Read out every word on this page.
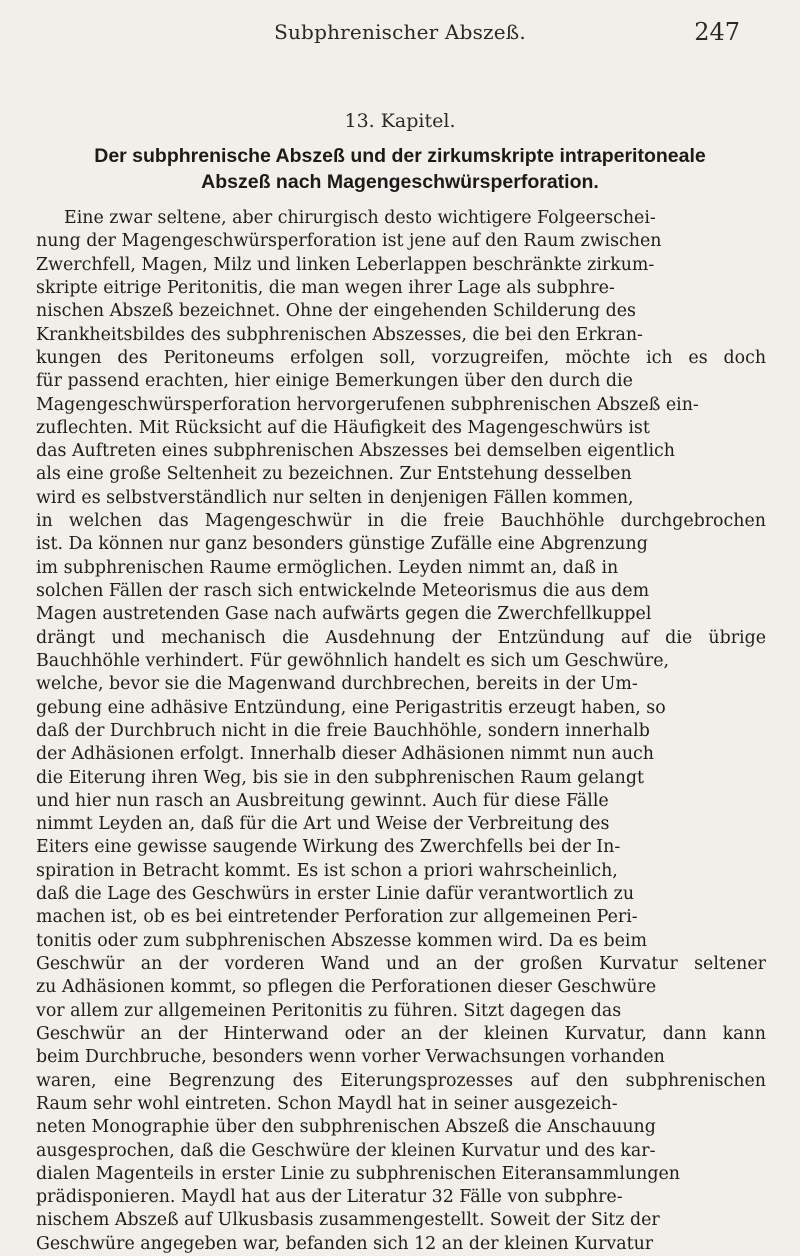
Subphrenischer Abszeß.	247
13. Kapitel.
Der subphrenische Abszeß und der zirkumskripte intraperitoneale
Abszeß nach Magengeschwürsperforation.
Eine zwar seltene, aber chirurgisch desto wichtigere Folgeerschei-
nung der Magengeschwürsperforation ist jene auf den Raum zwischen
Zwerchfell, Magen, Milz und linken Leberlappen beschränkte zirkum-
skripte eitrige Peritonitis, die man wegen ihrer Lage als subphre-
nischen Abszeß bezeichnet. Ohne der eingehenden Schilderung des
Krankheitsbildes des subphrenischen Abszesses, die bei den Erkran-
kungen des Peritoneums erfolgen soll, vorzugreifen, möchte ich es doch
für passend erachten, hier einige Bemerkungen über den durch die
Magengeschwürsperforation hervorgerufenen subphrenischen Abszeß ein-
zuflechten. Mit Rücksicht auf die Häufigkeit des Magengeschwürs ist
das Auftreten eines subphrenischen Abszesses bei demselben eigentlich
als eine große Seltenheit zu bezeichnen. Zur Entstehung desselben
wird es selbstverständlich nur selten in denjenigen Fällen kommen,
in welchen das Magengeschwür in die freie Bauchhöhle durchgebrochen
ist. Da können nur ganz besonders günstige Zufälle eine Abgrenzung
im subphrenischen Raume ermöglichen. Leyden nimmt an, daß in
solchen Fällen der rasch sich entwickelnde Meteorismus die aus dem
Magen austretenden Gase nach aufwärts gegen die Zwerchfellkuppel
drängt und mechanisch die Ausdehnung der Entzündung auf die übrige
Bauchhöhle verhindert. Für gewöhnlich handelt es sich um Geschwüre,
welche, bevor sie die Magenwand durchbrechen, bereits in der Um-
gebung eine adhäsive Entzündung, eine Perigastritis erzeugt haben, so
daß der Durchbruch nicht in die freie Bauchhöhle, sondern innerhalb
der Adhäsionen erfolgt. Innerhalb dieser Adhäsionen nimmt nun auch
die Eiterung ihren Weg, bis sie in den subphrenischen Raum gelangt
und hier nun rasch an Ausbreitung gewinnt. Auch für diese Fälle
nimmt Leyden an, daß für die Art und Weise der Verbreitung des
Eiters eine gewisse saugende Wirkung des Zwerchfells bei der In-
spiration in Betracht kommt. Es ist schon a priori wahrscheinlich,
daß die Lage des Geschwürs in erster Linie dafür verantwortlich zu
machen ist, ob es bei eintretender Perforation zur allgemeinen Peri-
tonitis oder zum subphrenischen Abszesse kommen wird. Da es beim
Geschwür an der vorderen Wand und an der großen Kurvatur seltener
zu Adhäsionen kommt, so pflegen die Perforationen dieser Geschwüre
vor allem zur allgemeinen Peritonitis zu führen. Sitzt dagegen das
Geschwür an der Hinterwand oder an der kleinen Kurvatur, dann kann
beim Durchbruche, besonders wenn vorher Verwachsungen vorhanden
waren, eine Begrenzung des Eiterungsprozesses auf den subphrenischen
Raum sehr wohl eintreten. Schon Maydl hat in seiner ausgezeich-
neten Monographie über den subphrenischen Abszeß die Anschauung
ausgesprochen, daß die Geschwüre der kleinen Kurvatur und des kar-
dialen Magenteils in erster Linie zu subphrenischen Eiteransammlungen
prädisponieren. Maydl hat aus der Literatur 32 Fälle von subphre-
nischem Abszeß auf Ulkusbasis zusammengestellt. Soweit der Sitz der
Geschwüre angegeben war, befanden sich 12 an der kleinen Kurvatur
